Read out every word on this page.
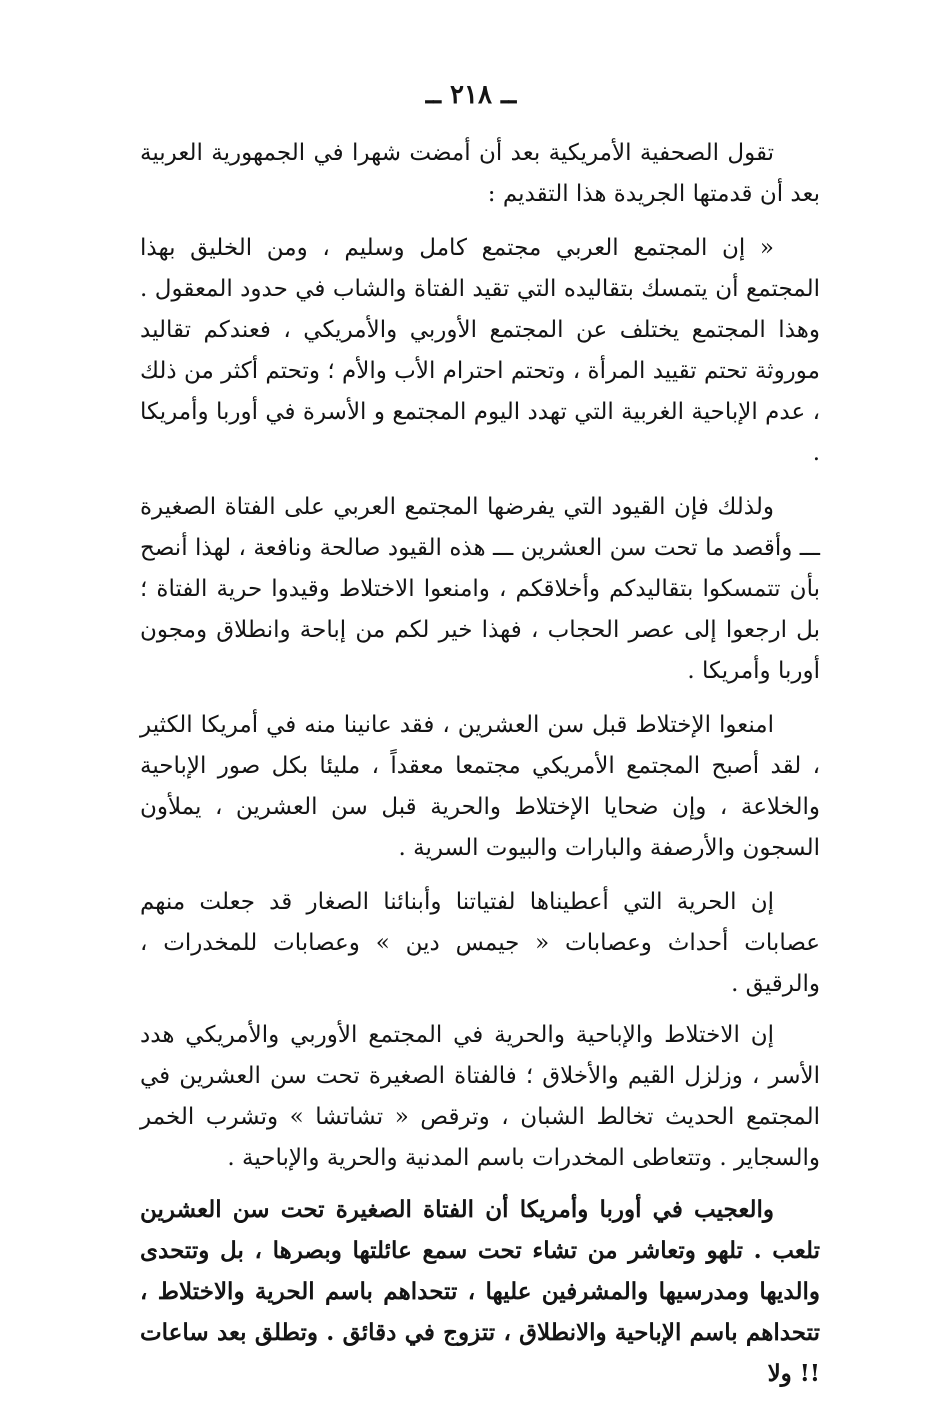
ــ ٢١٨ ــ

تقول الصحفية الأمريكية بعد أن أمضت شهرا في الجمهورية العربية بعد أن قدمتها الجريدة هذا التقديم :

« إن المجتمع العربي مجتمع كامل وسليم ، ومن الخليق بهذا المجتمع أن يتمسك بتقاليده التي تقيد الفتاة والشاب في حدود المعقول . وهذا المجتمع يختلف عن المجتمع الأوربي والأمريكي ، فعندكم تقاليد موروثة تحتم تقييد المرأة ، وتحتم احترام الأب والأم ؛ وتحتم أكثر من ذلك ، عدم الإباحية الغربية التي تهدد اليوم المجتمع و الأسرة في أوربا وأمريكا .

ولذلك فإن القيود التي يفرضها المجتمع العربي على الفتاة الصغيرة ـــ وأقصد ما تحت سن العشرين ـــ هذه القيود صالحة ونافعة ، لهذا أنصح بأن تتمسكوا بتقاليدكم وأخلاقكم ، وامنعوا الاختلاط وقيدوا حرية الفتاة ؛ بل ارجعوا إلى عصر الحجاب ، فهذا خير لكم من إباحة وانطلاق ومجون أوربا وأمريكا .

امنعوا الإختلاط قبل سن العشرين ، فقد عانينا منه في أمريكا الكثير ، لقد أصبح المجتمع الأمريكي مجتمعا معقداً ، مليئا بكل صور الإباحية والخلاعة ، وإن ضحايا الإختلاط والحرية قبل سن العشرين ، يملأون السجون والأرصفة والبارات والبيوت السرية .

إن الحرية التي أعطيناها لفتياتنا وأبنائنا الصغار قد جعلت منهم عصابات أحداث وعصابات « جيمس دين » وعصابات للمخدرات ، والرقيق .

إن الاختلاط والإباحية والحرية في المجتمع الأوربي والأمريكي هدد الأسر ، وزلزل القيم والأخلاق ؛ فالفتاة الصغيرة تحت سن العشرين في المجتمع الحديث تخالط الشبان ، وترقص « تشاتشا » وتشرب الخمر والسجاير . وتتعاطى المخدرات باسم المدنية والحرية والإباحية .

والعجيب في أوربا وأمريكا أن الفتاة الصغيرة تحت سن العشرين تلعب . تلهو وتعاشر من تشاء تحت سمع عائلتها وبصرها ، بل وتتحدى والديها ومدرسيها والمشرفين عليها ، تتحداهم باسم الحرية والاختلاط ، تتحداهم باسم الإباحية والانطلاق ، تتزوج في دقائق . وتطلق بعد ساعات !! ولا
